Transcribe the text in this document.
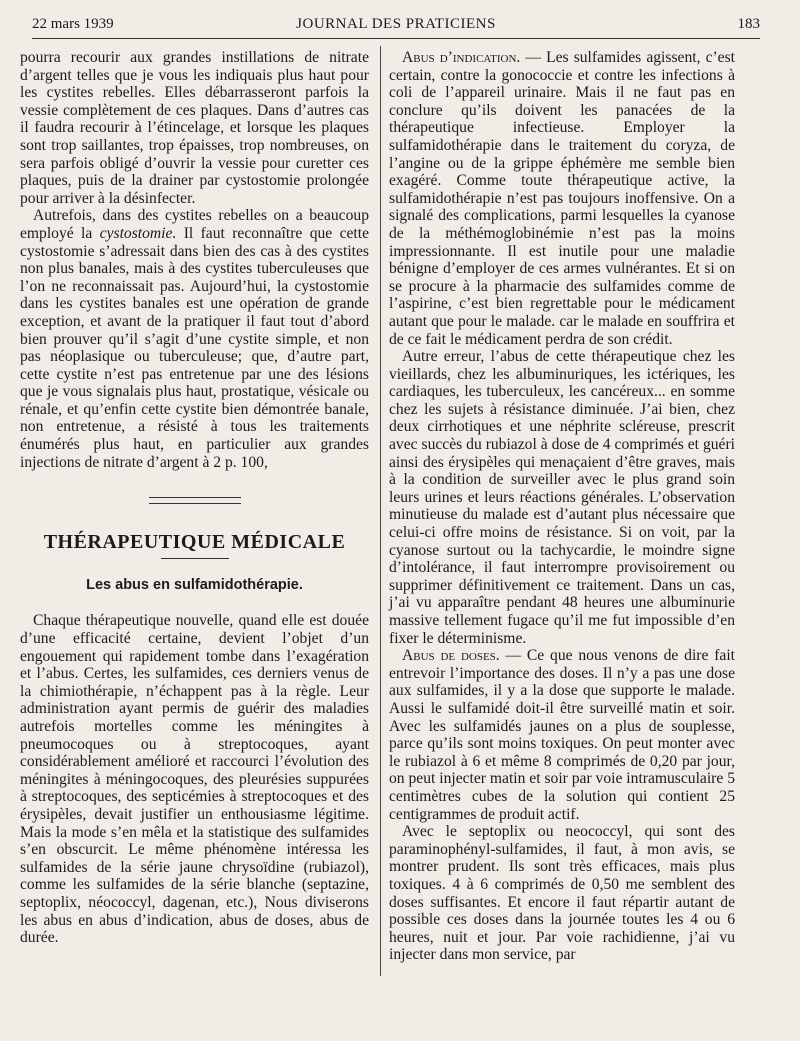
22 mars 1939	JOURNAL DES PRATICIENS	183

pourra recourir aux grandes instillations de nitrate d’argent telles que je vous les indiquais plus haut pour les cystites rebelles. Elles débarrasseront parfois la vessie complètement de ces plaques. Dans d’autres cas il faudra recourir à l’étincelage, et lorsque les plaques sont trop saillantes, trop épaisses, trop nombreuses, on sera parfois obligé d’ouvrir la vessie pour curetter ces plaques, puis de la drainer par cystostomie prolongée pour arriver à la désinfecter.

Autrefois, dans des cystites rebelles on a beaucoup employé la cystostomie. Il faut reconnaître que cette cystostomie s’adressait dans bien des cas à des cystites non plus banales, mais à des cystites tuberculeuses que l’on ne reconnaissait pas. Aujourd’hui, la cystostomie dans les cystites banales est une opération de grande exception, et avant de la pratiquer il faut tout d’abord bien prouver qu’il s’agit d’une cystite simple, et non pas néoplasique ou tuberculeuse; que, d’autre part, cette cystite n’est pas entretenue par une des lésions que je vous signalais plus haut, prostatique, vésicale ou rénale, et qu’enfin cette cystite bien démontrée banale, non entretenue, a résisté à tous les traitements énumérés plus haut, en particulier aux grandes injections de nitrate d’argent à 2 p. 100,

THÉRAPEUTIQUE MÉDICALE
Les abus en sulfamidothérapie.

Chaque thérapeutique nouvelle, quand elle est douée d’une efficacité certaine, devient l’objet d’un engouement qui rapidement tombe dans l’exagération et l’abus. Certes, les sulfamides, ces derniers venus de la chimiothérapie, n’échappent pas à la règle. Leur administration ayant permis de guérir des maladies autrefois mortelles comme les méningites à pneumocoques ou à streptocoques, ayant considérablement amélioré et raccourci l’évolution des méningites à méningocoques, des pleurésies suppurées à streptocoques, des septicémies à streptocoques et des érysipèles, devait justifier un enthousiasme légitime. Mais la mode s’en mêla et la statistique des sulfamides s’en obscurcit. Le même phénomène intéressa les sulfamides de la série jaune chrysoïdine (rubiazol), comme les sulfamides de la série blanche (septazine, septoplix, néococcyl, dagenan, etc.), Nous diviserons les abus en abus d’indication, abus de doses, abus de durée.

Abus d’indication. — Les sulfamides agissent, c’est certain, contre la gonococcie et contre les infections à coli de l’appareil urinaire. Mais il ne faut pas en conclure qu’ils doivent les panacées de la thérapeutique infectieuse. Employer la sulfamidothérapie dans le traitement du coryza, de l’angine ou de la grippe éphémère me semble bien exagéré. Comme toute thérapeutique active, la sulfamidothérapie n’est pas toujours inoffensive. On a signalé des complications, parmi lesquelles la cyanose de la méthémoglobinémie n’est pas la moins impressionnante. Il est inutile pour une maladie bénigne d’employer de ces armes vulnérantes. Et si on se procure à la pharmacie des sulfamides comme de l’aspirine, c’est bien regrettable pour le médicament autant que pour le malade. car le malade en souffrira et de ce fait le médicament perdra de son crédit.

Autre erreur, l’abus de cette thérapeutique chez les vieillards, chez les albuminuriques, les ictériques, les cardiaques, les tuberculeux, les cancéreux... en somme chez les sujets à résistance diminuée. J’ai bien, chez deux cirrhotiques et une néphrite scléreuse, prescrit avec succès du rubiazol à dose de 4 comprimés et guéri ainsi des érysipèles qui menaçaient d’être graves, mais à la condition de surveiller avec le plus grand soin leurs urines et leurs réactions générales. L’observation minutieuse du malade est d’autant plus nécessaire que celui-ci offre moins de résistance. Si on voit, par la cyanose surtout ou la tachycardie, le moindre signe d’intolérance, il faut interrompre provisoirement ou supprimer définitivement ce traitement. Dans un cas, j’ai vu apparaître pendant 48 heures une albuminurie massive tellement fugace qu’il me fut impossible d’en fixer le déterminisme.

Abus de doses. — Ce que nous venons de dire fait entrevoir l’importance des doses. Il n’y a pas une dose aux sulfamides, il y a la dose que supporte le malade. Aussi le sulfamidé doit-il être surveillé matin et soir. Avec les sulfamidés jaunes on a plus de souplesse, parce qu’ils sont moins toxiques. On peut monter avec le rubiazol à 6 et même 8 comprimés de 0,20 par jour, on peut injecter matin et soir par voie intramusculaire 5 centimètres cubes de la solution qui contient 25 centigrammes de produit actif.

Avec le septoplix ou neococcyl, qui sont des paraminophényl-sulfamides, il faut, à mon avis, se montrer prudent. Ils sont très efficaces, mais plus toxiques. 4 à 6 comprimés de 0,50 me semblent des doses suffisantes. Et encore il faut répartir autant de possible ces doses dans la journée toutes les 4 ou 6 heures, nuit et jour. Par voie rachidienne, j’ai vu injecter dans mon service, par
